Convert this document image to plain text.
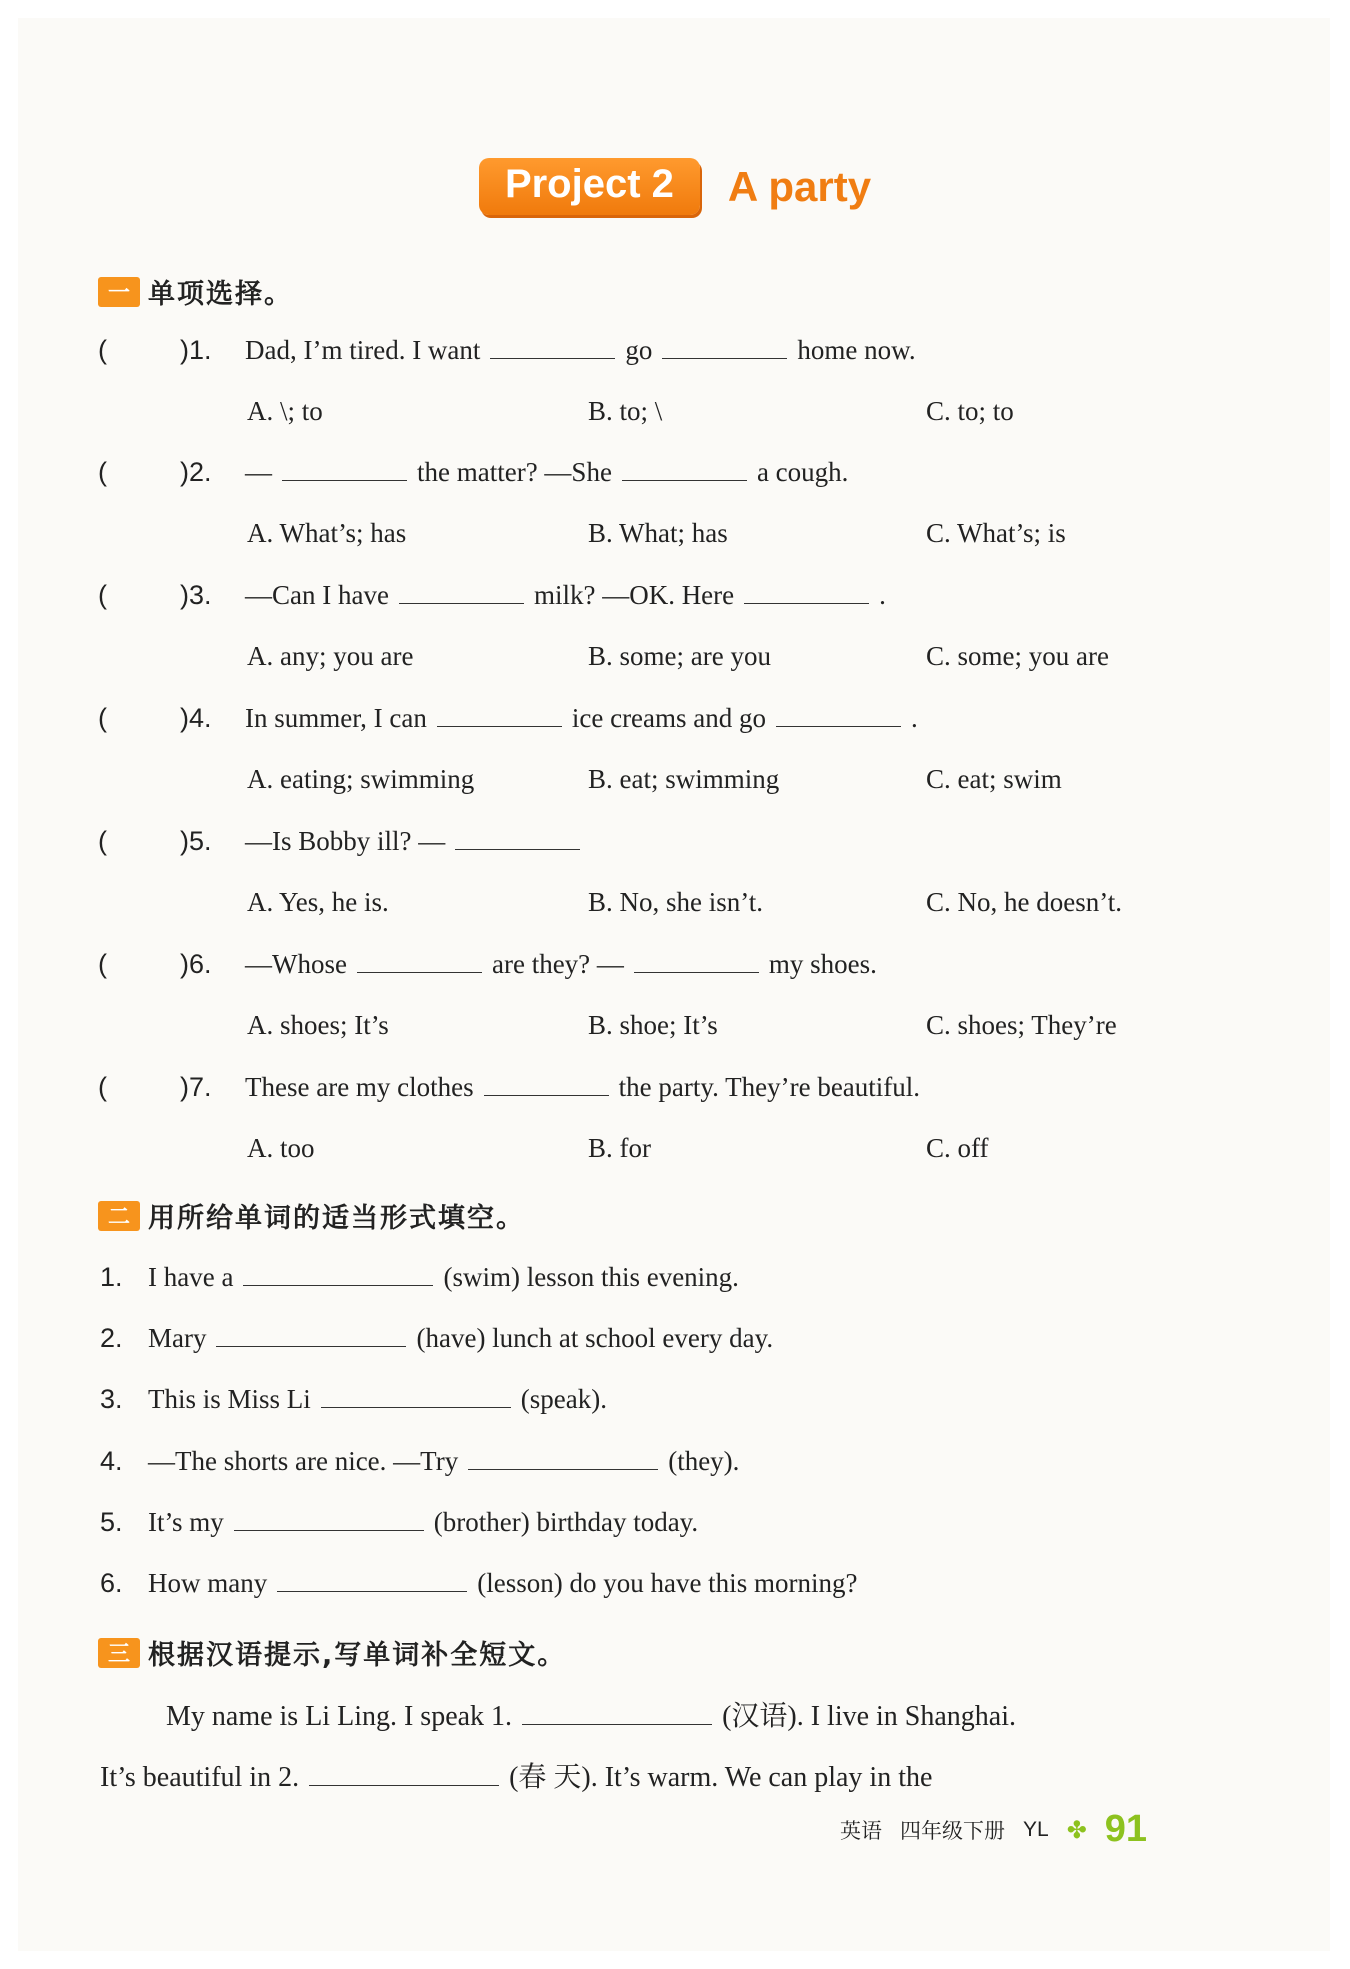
Project 2	A party
一 单项选择。
(	)1. Dad, I’m tired. I want	go	home now.
A. \; to	B. to; \	C. to; to
(	)2. —	the matter? —She	a cough.
A. What’s; has	B. What; has	C. What’s; is
(	)3. —Can I have	milk? —OK. Here	.
A. any; you are	B. some; are you	C. some; you are
(	)4. In summer, I can	ice creams and go	.
A. eating; swimming	B. eat; swimming	C. eat; swim
(	)5. —Is Bobby ill? —
A. Yes, he is.	B. No, she isn’t.	C. No, he doesn’t.
(	)6. —Whose	are they? —	my shoes.
A. shoes; It’s	B. shoe; It’s	C. shoes; They’re
(	)7. These are my clothes	the party. They’re beautiful.
A. too	B. for	C. off
二 用所给单词的适当形式填空。
1. I have a	(swim) lesson this evening.
2. Mary	(have) lunch at school every day.
3. This is Miss Li	(speak).
4. —The shorts are nice. —Try	(they).
5. It’s my	(brother) birthday today.
6. How many	(lesson) do you have this morning?
三 根据汉语提示,写单词补全短文。
My name is Li Ling. I speak 1.	(汉语). I live in Shanghai.
It’s beautiful in 2.	(春 天). It’s warm. We can play in the
英语 四年级下册 YL ✤ 91
